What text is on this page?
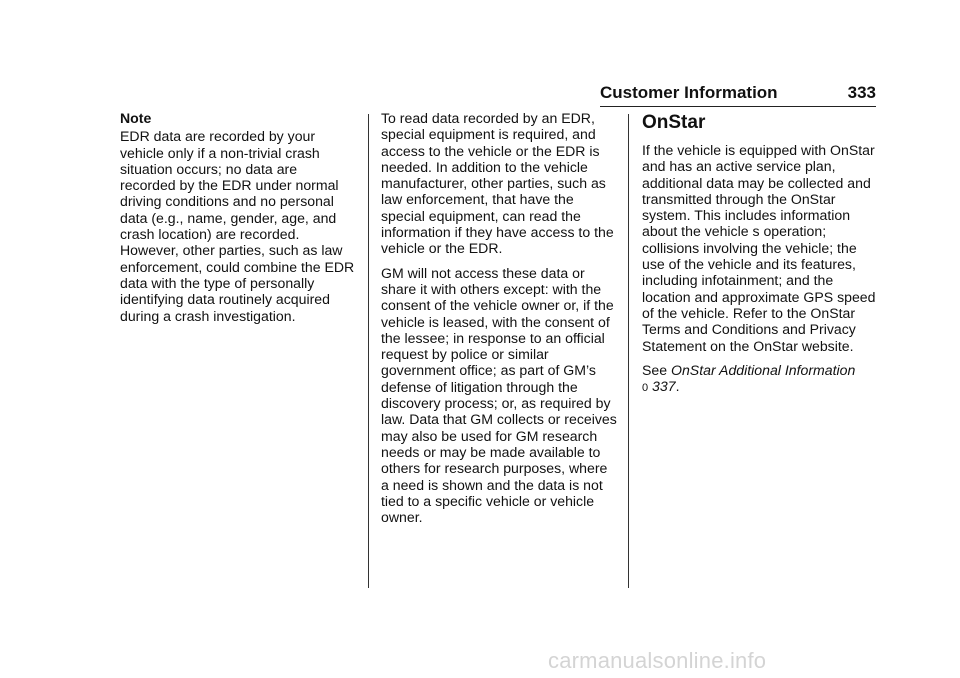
Customer Information	333

Note

EDR data are recorded by your vehicle only if a non-trivial crash situation occurs; no data are recorded by the EDR under normal driving conditions and no personal data (e.g., name, gender, age, and crash location) are recorded. However, other parties, such as law enforcement, could combine the EDR data with the type of personally identifying data routinely acquired during a crash investigation.

To read data recorded by an EDR, special equipment is required, and access to the vehicle or the EDR is needed. In addition to the vehicle manufacturer, other parties, such as law enforcement, that have the special equipment, can read the information if they have access to the vehicle or the EDR.

GM will not access these data or share it with others except: with the consent of the vehicle owner or, if the vehicle is leased, with the consent of the lessee; in response to an official request by police or similar government office; as part of GM’s defense of litigation through the discovery process; or, as required by law. Data that GM collects or receives may also be used for GM research needs or may be made available to others for research purposes, where a need is shown and the data is not tied to a specific vehicle or vehicle owner.

OnStar

If the vehicle is equipped with OnStar and has an active service plan, additional data may be collected and transmitted through the OnStar system. This includes information about the vehicle s operation; collisions involving the vehicle; the use of the vehicle and its features, including infotainment; and the location and approximate GPS speed of the vehicle. Refer to the OnStar Terms and Conditions and Privacy Statement on the OnStar website.

See OnStar Additional Information
0 337.

carmanualsonline.info
